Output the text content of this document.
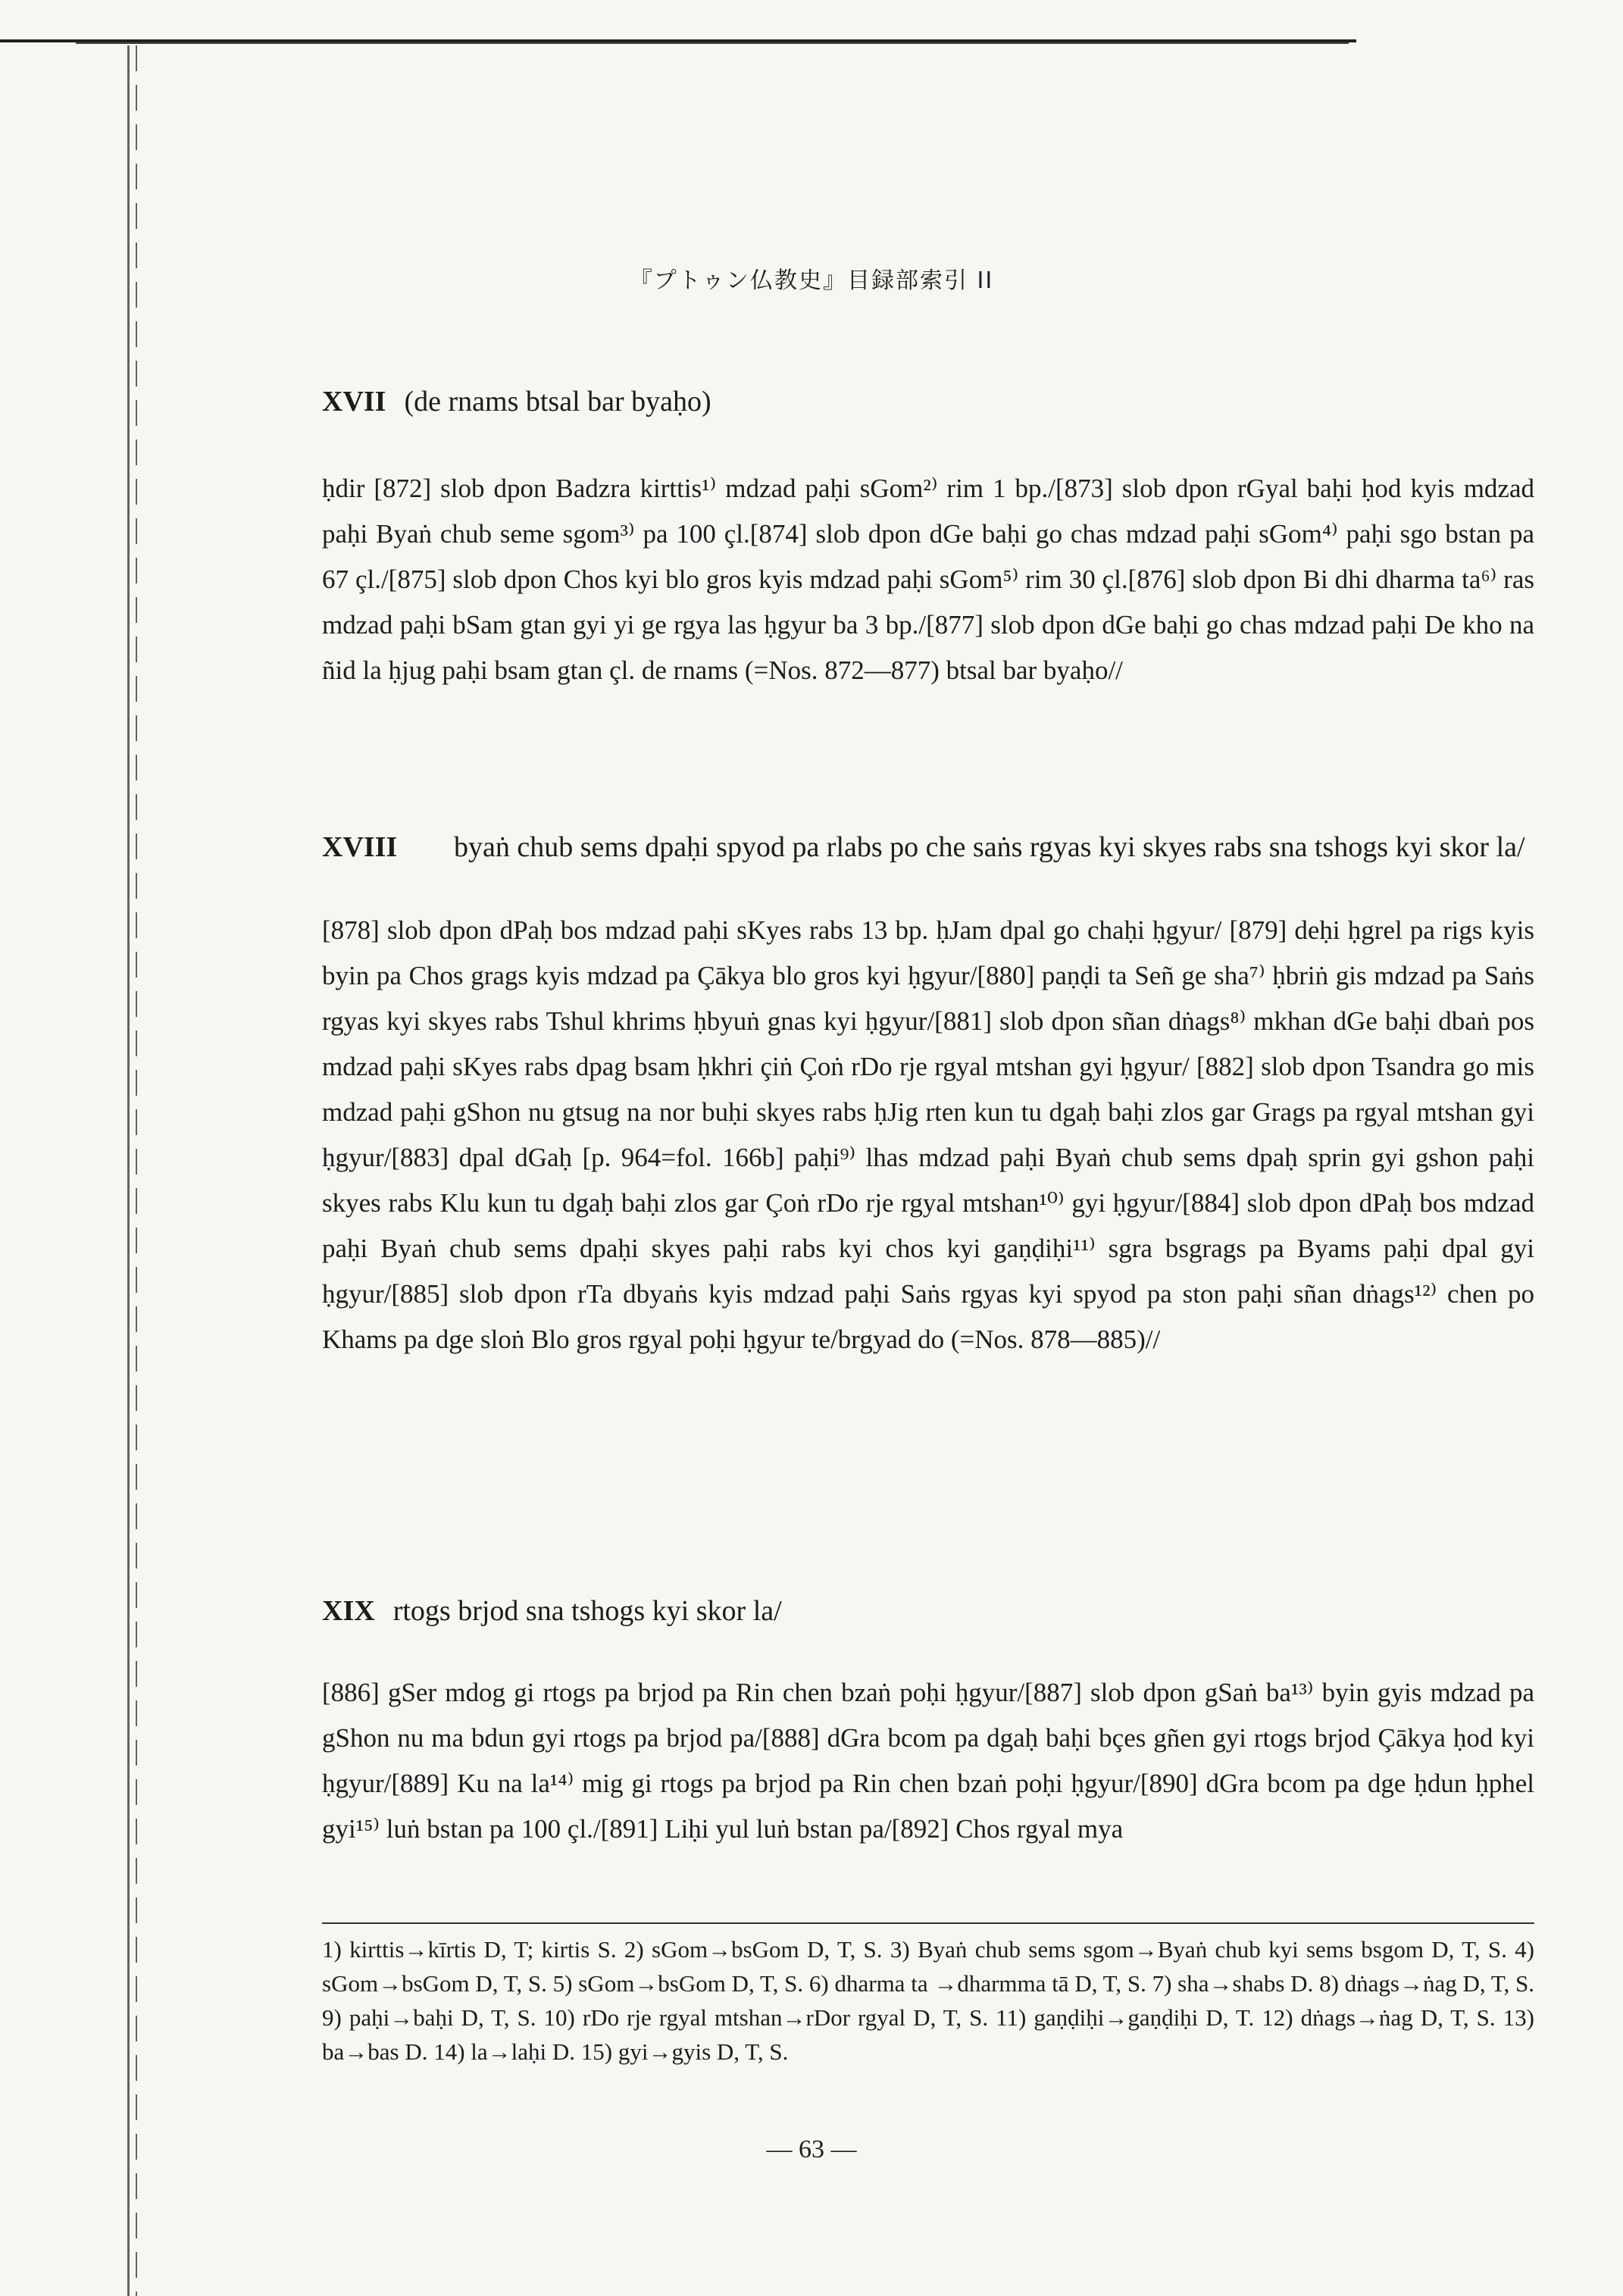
『プトゥン仏教史』目録部索引 II
XVII (de rnams btsal bar byaḥo)

ḥdir [872] slob dpon Badzra kirttis¹⁾ mdzad paḥi sGom²⁾ rim 1 bp./[873] slob dpon rGyal baḥi ḥod kyis mdzad paḥi Byaṅ chub seme sgom³⁾ pa 100 çl.[874] slob dpon dGe baḥi go chas mdzad paḥi sGom⁴⁾ paḥi sgo bstan pa 67 çl./[875] slob dpon Chos kyi blo gros kyis mdzad paḥi sGom⁵⁾ rim 30 çl.[876] slob dpon Bi dhi dharma ta⁶⁾ ras mdzad paḥi bSam gtan gyi yi ge rgya las ḥgyur ba 3 bp./[877] slob dpon dGe baḥi go chas mdzad paḥi De kho na ñid la ḥjug paḥi bsam gtan çl. de rnams (=Nos. 872—877) btsal bar byaḥo//

XVIII	byaṅ chub sems dpaḥi spyod pa rlabs po che saṅs rgyas kyi skyes rabs sna tshogs kyi skor la/

[878] slob dpon dPaḥ bos mdzad paḥi sKyes rabs 13 bp. ḥJam dpal go chaḥi ḥgyur/ [879] deḥi ḥgrel pa rigs kyis byin pa Chos grags kyis mdzad pa Çākya blo gros kyi ḥgyur/[880] paṇḍi ta Señ ge sha⁷⁾ ḥbriṅ gis mdzad pa Saṅs rgyas kyi skyes rabs Tshul khrims ḥbyuṅ gnas kyi ḥgyur/[881] slob dpon sñan dṅags⁸⁾ mkhan dGe baḥi dbaṅ pos mdzad paḥi sKyes rabs dpag bsam ḥkhri çiṅ Çoṅ rDo rje rgyal mtshan gyi ḥgyur/ [882] slob dpon Tsandra go mis mdzad paḥi gShon nu gtsug na nor buḥi skyes rabs ḥJig rten kun tu dgaḥ baḥi zlos gar Grags pa rgyal mtshan gyi ḥgyur/[883] dpal dGaḥ [p. 964=fol. 166b] paḥi⁹⁾ lhas mdzad paḥi Byaṅ chub sems dpaḥ sprin gyi gshon paḥi skyes rabs Klu kun tu dgaḥ baḥi zlos gar Çoṅ rDo rje rgyal mtshan¹⁰⁾ gyi ḥgyur/[884] slob dpon dPaḥ bos mdzad paḥi Byaṅ chub sems dpaḥi skyes paḥi rabs kyi chos kyi gaṇḍiḥi¹¹⁾ sgra bsgrags pa Byams paḥi dpal gyi ḥgyur/[885] slob dpon rTa dbyaṅs kyis mdzad paḥi Saṅs rgyas kyi spyod pa ston paḥi sñan dṅags¹²⁾ chen po Khams pa dge sloṅ Blo gros rgyal poḥi ḥgyur te/brgyad do (=Nos. 878—885)//

XIX rtogs brjod sna tshogs kyi skor la/

[886] gSer mdog gi rtogs pa brjod pa Rin chen bzaṅ poḥi ḥgyur/[887] slob dpon gSaṅ ba¹³⁾ byin gyis mdzad pa gShon nu ma bdun gyi rtogs pa brjod pa/[888] dGra bcom pa dgaḥ baḥi bçes gñen gyi rtogs brjod Çākya ḥod kyi ḥgyur/[889] Ku na la¹⁴⁾ mig gi rtogs pa brjod pa Rin chen bzaṅ poḥi ḥgyur/[890] dGra bcom pa dge ḥdun ḥphel gyi¹⁵⁾ luṅ bstan pa 100 çl./[891] Liḥi yul luṅ bstan pa/[892] Chos rgyal mya

1) kirttis→kīrtis D, T; kirtis S. 2) sGom→bsGom D, T, S. 3) Byaṅ chub sems sgom→Byaṅ chub kyi sems bsgom D, T, S. 4) sGom→bsGom D, T, S. 5) sGom→bsGom D, T, S. 6) dharma ta →dharmma tā D, T, S. 7) sha→shabs D. 8) dṅags→ṅag D, T, S. 9) paḥi→baḥi D, T, S. 10) rDo rje rgyal mtshan→rDor rgyal D, T, S. 11) gaṇḍiḥi→gaṇḍiḥi D, T. 12) dṅags→ṅag D, T, S. 13) ba→bas D. 14) la→laḥi D. 15) gyi→gyis D, T, S.
— 63 —
